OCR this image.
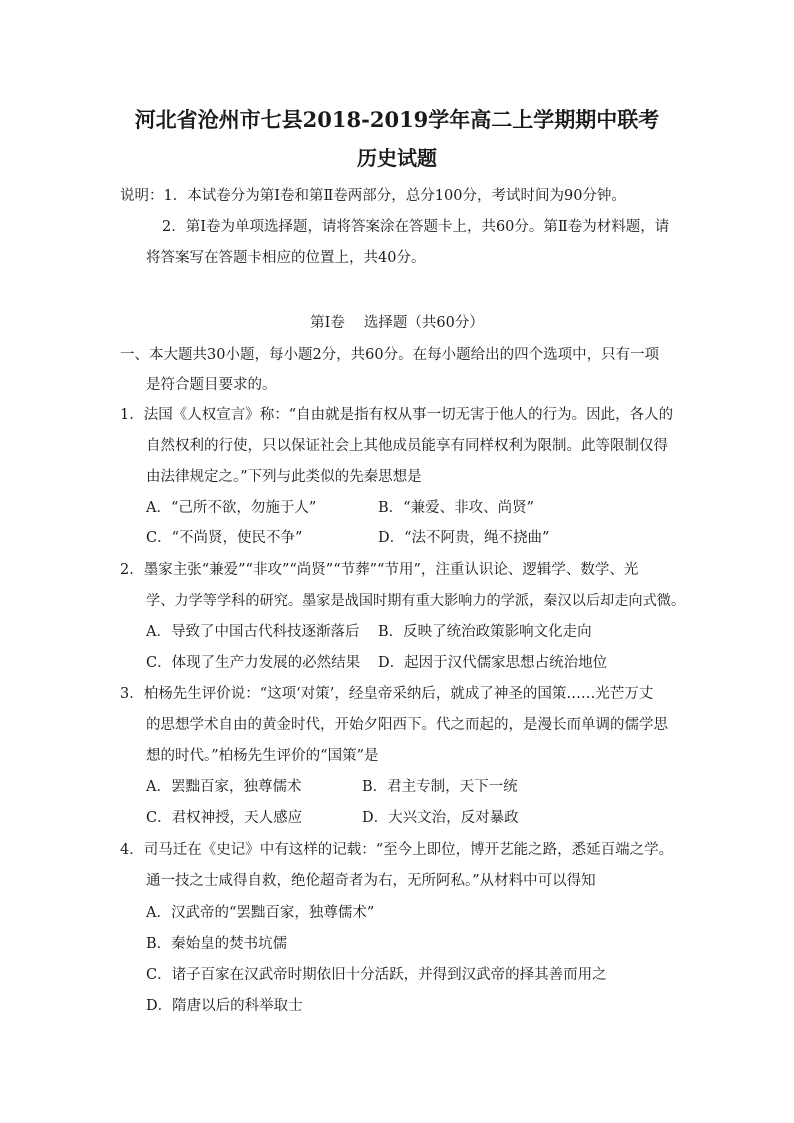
河北省沧州市七县2018-2019学年高二上学期期中联考
历史试题
说明：1．本试卷分为第Ⅰ卷和第Ⅱ卷两部分，总分100分，考试时间为90分钟。
2．第Ⅰ卷为单项选择题，请将答案涂在答题卡上，共60分。第Ⅱ卷为材料题，请
将答案写在答题卡相应的位置上，共40分。
第Ⅰ卷　 选择题（共60分）
一、本大题共30小题，每小题2分，共60分。在每小题给出的四个选项中，只有一项
是符合题目要求的。
1．法国《人权宣言》称：“自由就是指有权从事一切无害于他人的行为。因此，各人的
自然权利的行使，只以保证社会上其他成员能享有同样权利为限制。此等限制仅得
由法律规定之。”下列与此类似的先秦思想是
A．“己所不欲，勿施于人”	B．“兼爱、非攻、尚贤”
C．“不尚贤，使民不争”	D．“法不阿贵，绳不挠曲”
2．墨家主张“兼爱”“非攻”“尚贤”“节葬”“节用”，注重认识论、逻辑学、数学、光
学、力学等学科的研究。墨家是战国时期有重大影响力的学派，秦汉以后却走向式微。
A．导致了中国古代科技逐渐落后 B．反映了统治政策影响文化走向
C．体现了生产力发展的必然结果 D．起因于汉代儒家思想占统治地位
3．柏杨先生评价说：“这项‘对策’，经皇帝采纳后，就成了神圣的国策……光芒万丈
的思想学术自由的黄金时代，开始夕阳西下。代之而起的，是漫长而单调的儒学思
想的时代。”柏杨先生评价的“国策”是
A．罢黜百家，独尊儒术	B．君主专制，天下一统
C．君权神授，天人感应	D．大兴文治，反对暴政
4．司马迁在《史记》中有这样的记载：“至今上即位，博开艺能之路，悉延百端之学。
通一技之士咸得自救，绝伦超奇者为右，无所阿私。”从材料中可以得知
A．汉武帝的“罢黜百家，独尊儒术”
B．秦始皇的焚书坑儒
C．诸子百家在汉武帝时期依旧十分活跃，并得到汉武帝的择其善而用之
D．隋唐以后的科举取士
